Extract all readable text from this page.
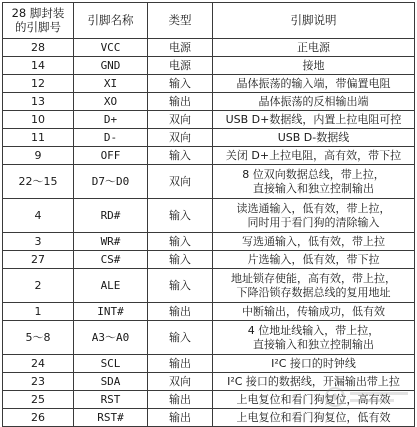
28 脚封装
的引脚号	引脚名称	类型	引脚说明
28	VCC	电源	正电源

14	GND	电源	接地

12	XI	输入	晶体振荡的输入端，带偏置电阻

13	XO	输出	晶体振荡的反相输出端

10	D+	双向	USB D+数据线，内置上拉电阻可控

11	D-	双向	USB D-数据线

9	OFF	输入	关闭 D+上拉电阻，高有效，带下拉

22～15	D7～D0	双向	8 位双向数据总线，带上拉，
直接输入和独立控制输出

4	RD#	输入	读选通输入，低有效，带上拉，
同时用于看门狗的清除输入

3	WR#	输入	写选通输入，低有效，带上拉

27	CS#	输入	片选输入，低有效，带下拉

2	ALE	输入	地址锁存使能，高有效，带上拉，
下降沿锁存数据总线的复用地址

1	INT#	输出	中断输出，传输成功，低有效

5～8	A3～A0	输入	4 位地址线输入，带上拉，
直接输入和独立控制输出

24	SCL	输出	I²C 接口的时钟线

23	SDA	双向	I²C 接口的数据线，开漏输出带上拉

25	RST	输出	上电复位和看门狗复位，高有效

26	RST#	输出	上电复位和看门狗复位，低有效
